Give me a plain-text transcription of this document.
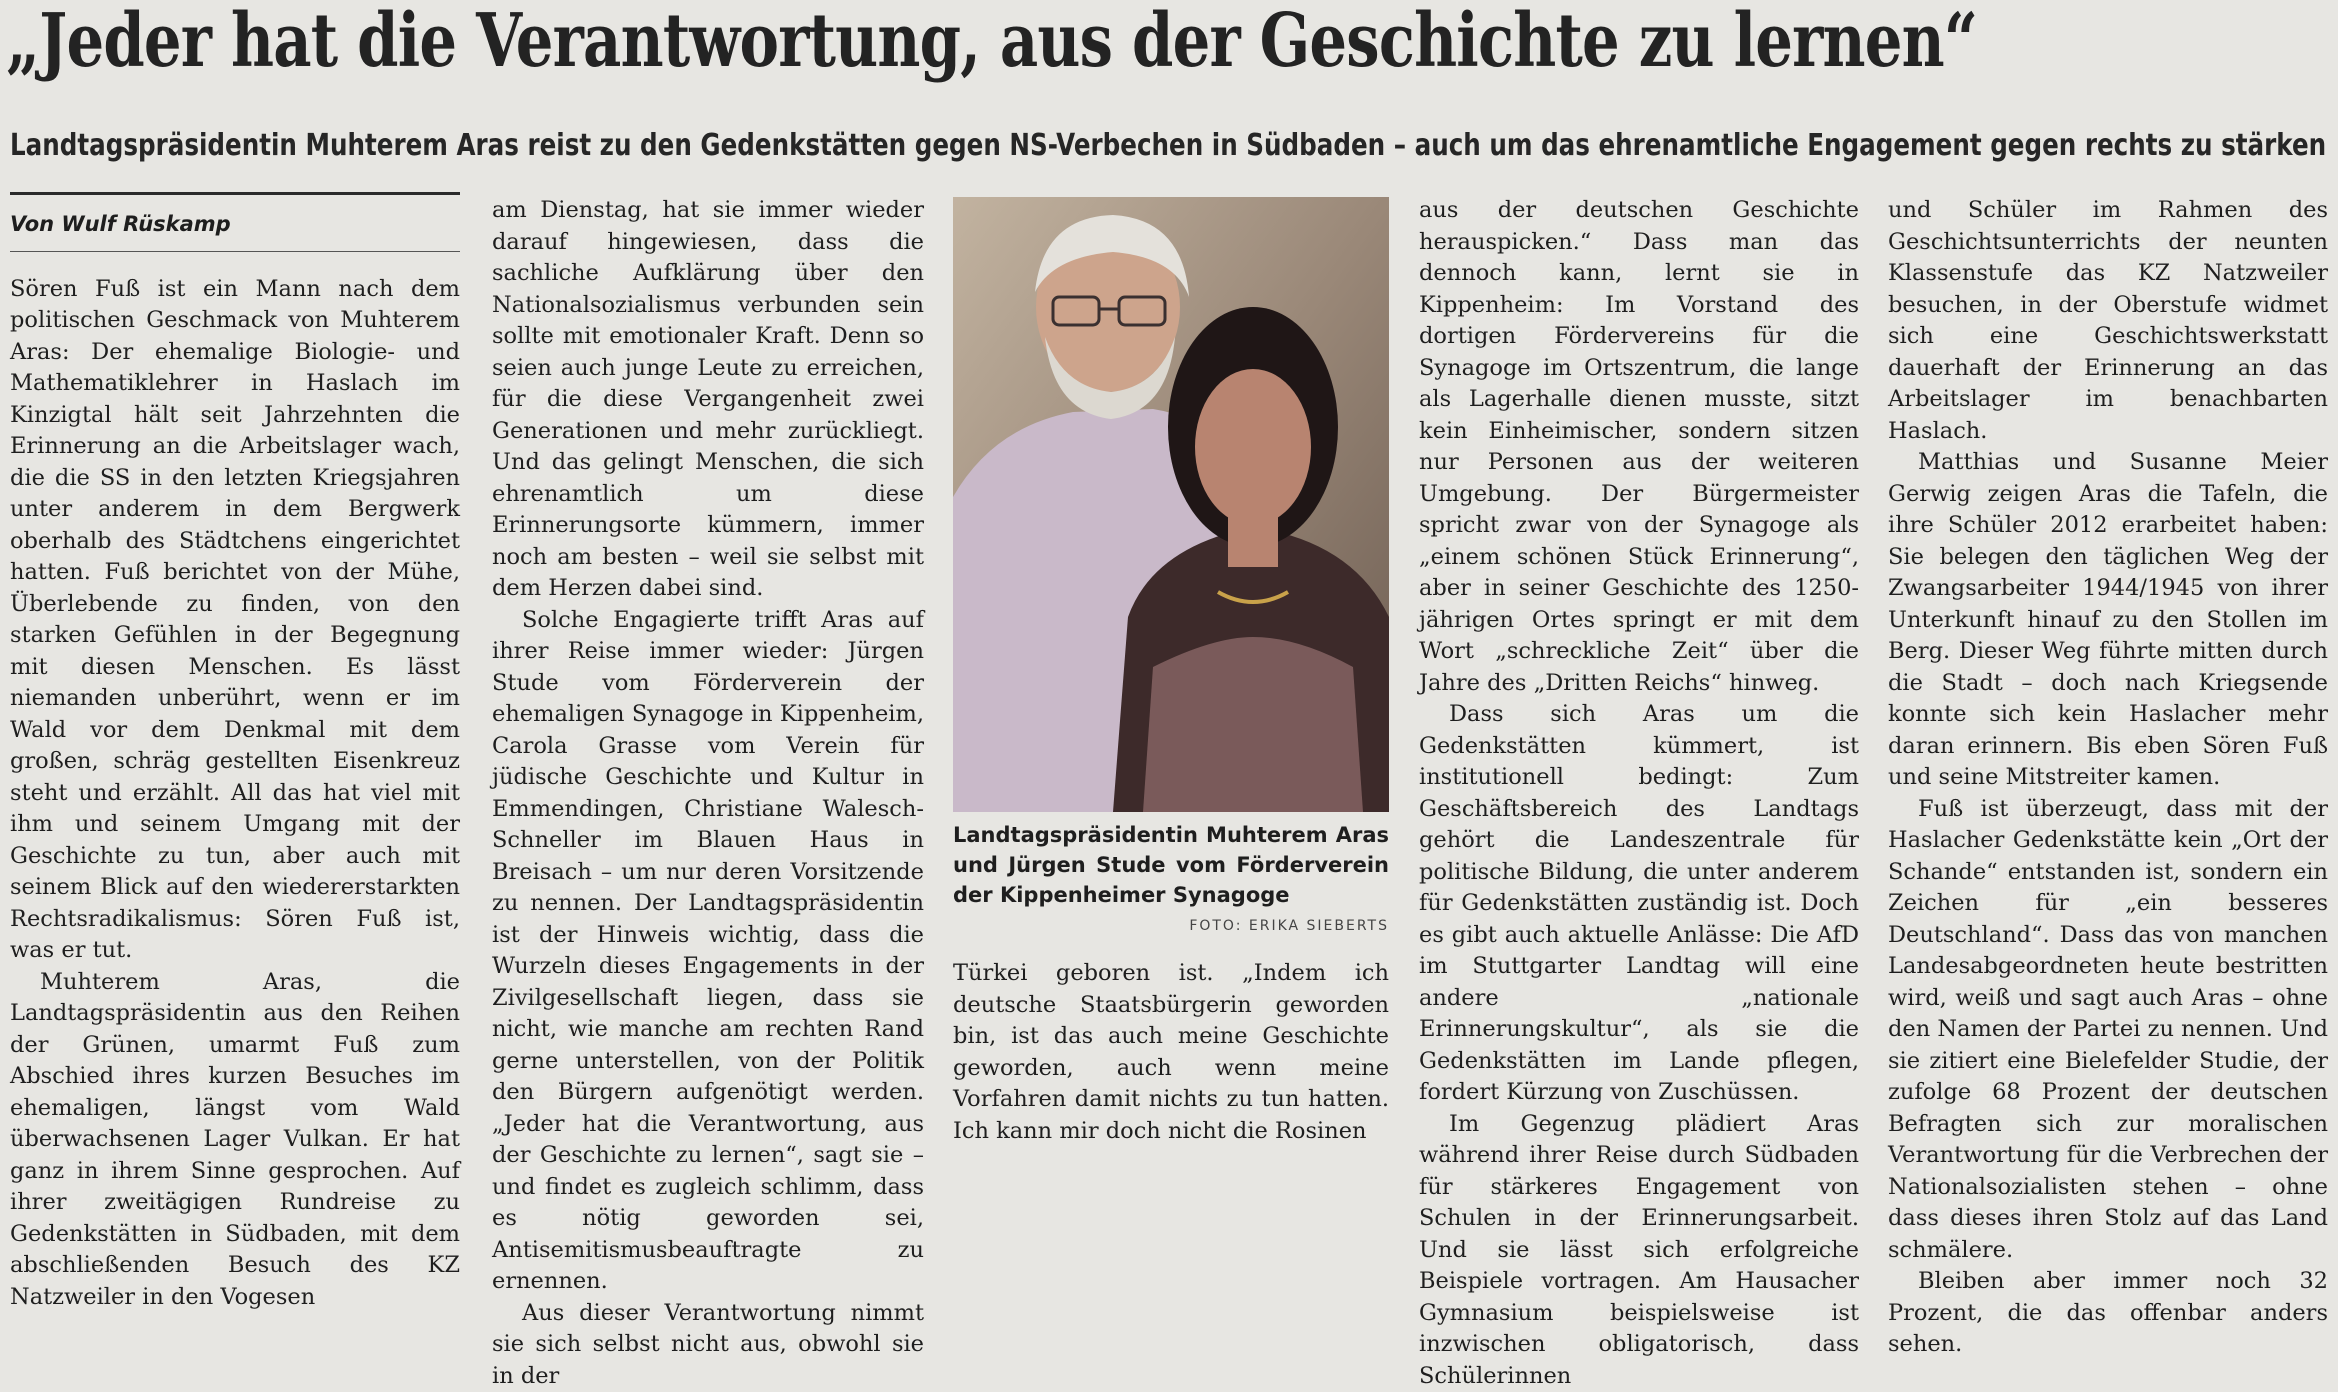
„Jeder hat die Verantwortung, aus der Geschichte zu lernen“
Landtagspräsidentin Muhterem Aras reist zu den Gedenkstätten gegen NS-Verbechen in Südbaden – auch um das ehrenamtliche Engagement gegen rechts zu stärken
Von Wulf Rüskamp

Sören Fuß ist ein Mann nach dem politischen Geschmack von Muhterem Aras: Der ehemalige Biologie- und Mathematiklehrer in Haslach im Kinzigtal hält seit Jahrzehnten die Erinnerung an die Arbeitslager wach, die die SS in den letzten Kriegsjahren unter anderem in dem Bergwerk oberhalb des Städtchens eingerichtet hatten. Fuß berichtet von der Mühe, Überlebende zu finden, von den starken Gefühlen in der Begegnung mit diesen Menschen. Es lässt niemanden unberührt, wenn er im Wald vor dem Denkmal mit dem großen, schräg gestellten Eisenkreuz steht und erzählt. All das hat viel mit ihm und seinem Umgang mit der Geschichte zu tun, aber auch mit seinem Blick auf den wiedererstarkten Rechtsradikalismus: Sören Fuß ist, was er tut.

Muhterem Aras, die Landtagspräsidentin aus den Reihen der Grünen, umarmt Fuß zum Abschied ihres kurzen Besuches im ehemaligen, längst vom Wald überwachsenen Lager Vulkan. Er hat ganz in ihrem Sinne gesprochen. Auf ihrer zweitägigen Rundreise zu Gedenkstätten in Südbaden, mit dem abschließenden Besuch des KZ Natzweiler in den Vogesen

am Dienstag, hat sie immer wieder darauf hingewiesen, dass die sachliche Aufklärung über den Nationalsozialismus verbunden sein sollte mit emotionaler Kraft. Denn so seien auch junge Leute zu erreichen, für die diese Vergangenheit zwei Generationen und mehr zurückliegt. Und das gelingt Menschen, die sich ehrenamtlich um diese Erinnerungsorte kümmern, immer noch am besten – weil sie selbst mit dem Herzen dabei sind.

Solche Engagierte trifft Aras auf ihrer Reise immer wieder: Jürgen Stude vom Förderverein der ehemaligen Synagoge in Kippenheim, Carola Grasse vom Verein für jüdische Geschichte und Kultur in Emmendingen, Christiane Walesch-Schneller im Blauen Haus in Breisach – um nur deren Vorsitzende zu nennen. Der Landtagspräsidentin ist der Hinweis wichtig, dass die Wurzeln dieses Engagements in der Zivilgesellschaft liegen, dass sie nicht, wie manche am rechten Rand gerne unterstellen, von der Politik den Bürgern aufgenötigt werden. „Jeder hat die Verantwortung, aus der Geschichte zu lernen“, sagt sie – und findet es zugleich schlimm, dass es nötig geworden sei, Antisemitismusbeauftragte zu ernennen.

Aus dieser Verantwortung nimmt sie sich selbst nicht aus, obwohl sie in der

Landtagspräsidentin Muhterem Aras und Jürgen Stude vom Förderverein der Kippenheimer Synagoge

FOTO: ERIKA SIEBERTS

Türkei geboren ist. „Indem ich deutsche Staatsbürgerin geworden bin, ist das auch meine Geschichte geworden, auch wenn meine Vorfahren damit nichts zu tun hatten. Ich kann mir doch nicht die Rosinen

aus der deutschen Geschichte herauspicken.“ Dass man das dennoch kann, lernt sie in Kippenheim: Im Vorstand des dortigen Fördervereins für die Synagoge im Ortszentrum, die lange als Lagerhalle dienen musste, sitzt kein Einheimischer, sondern sitzen nur Personen aus der weiteren Umgebung. Der Bürgermeister spricht zwar von der Synagoge als „einem schönen Stück Erinnerung“, aber in seiner Geschichte des 1250-jährigen Ortes springt er mit dem Wort „schreckliche Zeit“ über die Jahre des „Dritten Reichs“ hinweg.

Dass sich Aras um die Gedenkstätten kümmert, ist institutionell bedingt: Zum Geschäftsbereich des Landtags gehört die Landeszentrale für politische Bildung, die unter anderem für Gedenkstätten zuständig ist. Doch es gibt auch aktuelle Anlässe: Die AfD im Stuttgarter Landtag will eine andere „nationale Erinnerungskultur“, als sie die Gedenkstätten im Lande pflegen, fordert Kürzung von Zuschüssen.

Im Gegenzug plädiert Aras während ihrer Reise durch Südbaden für stärkeres Engagement von Schulen in der Erinnerungsarbeit. Und sie lässt sich erfolgreiche Beispiele vortragen. Am Hausacher Gymnasium beispielsweise ist inzwischen obligatorisch, dass Schülerinnen

und Schüler im Rahmen des Geschichtsunterrichts der neunten Klassenstufe das KZ Natzweiler besuchen, in der Oberstufe widmet sich eine Geschichtswerkstatt dauerhaft der Erinnerung an das Arbeitslager im benachbarten Haslach.

Matthias und Susanne Meier Gerwig zeigen Aras die Tafeln, die ihre Schüler 2012 erarbeitet haben: Sie belegen den täglichen Weg der Zwangsarbeiter 1944/1945 von ihrer Unterkunft hinauf zu den Stollen im Berg. Dieser Weg führte mitten durch die Stadt – doch nach Kriegsende konnte sich kein Haslacher mehr daran erinnern. Bis eben Sören Fuß und seine Mitstreiter kamen.

Fuß ist überzeugt, dass mit der Haslacher Gedenkstätte kein „Ort der Schande“ entstanden ist, sondern ein Zeichen für „ein besseres Deutschland“. Dass das von manchen Landesabgeordneten heute bestritten wird, weiß und sagt auch Aras – ohne den Namen der Partei zu nennen. Und sie zitiert eine Bielefelder Studie, der zufolge 68 Prozent der deutschen Befragten sich zur moralischen Verantwortung für die Verbrechen der Nationalsozialisten stehen – ohne dass dieses ihren Stolz auf das Land schmälere.

Bleiben aber immer noch 32 Prozent, die das offenbar anders sehen.
